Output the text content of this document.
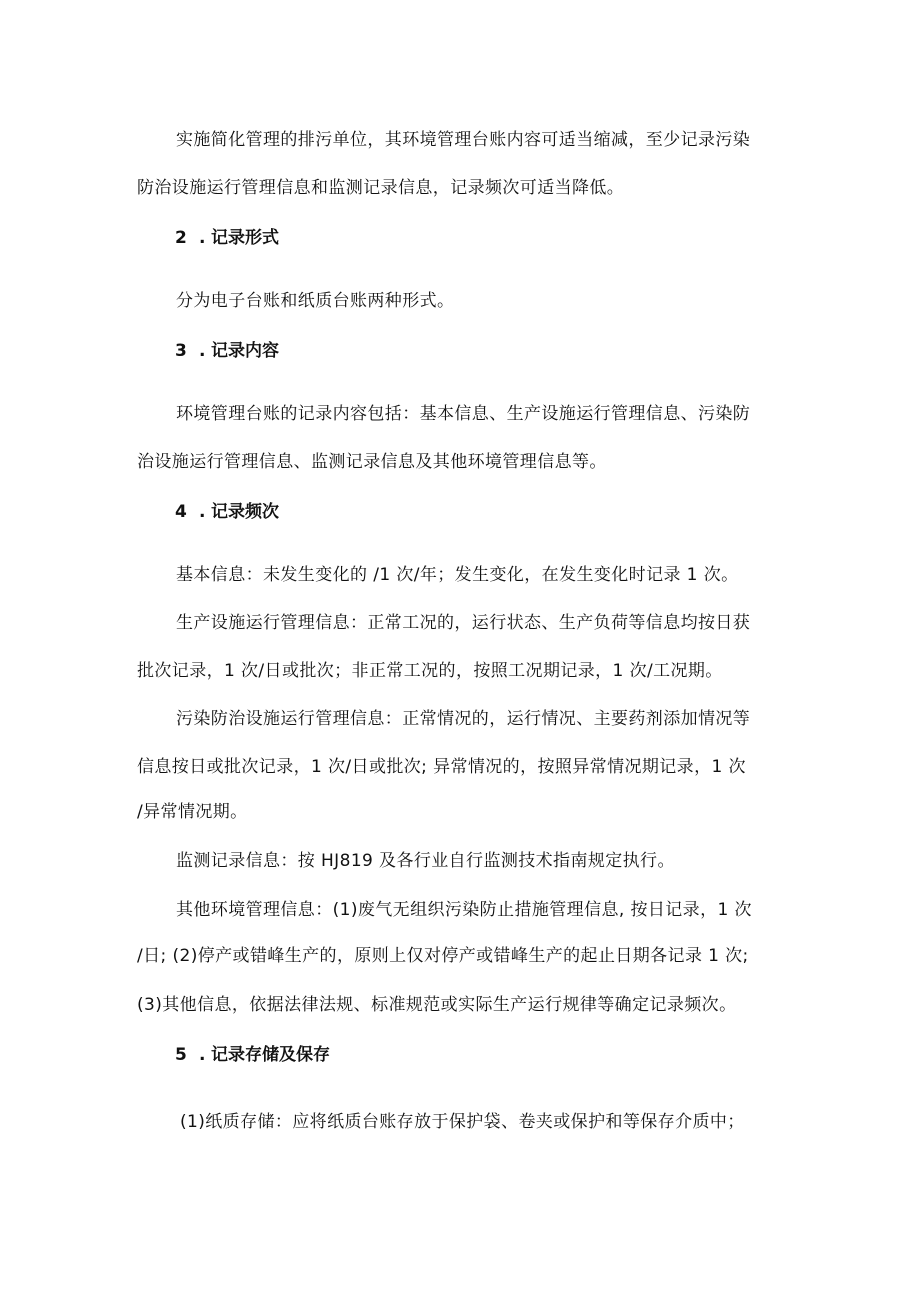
实施简化管理的排污单位，其环境管理台账内容可适当缩减，至少记录污染
防治设施运行管理信息和监测记录信息，记录频次可适当降低。
2 . 记录形式
分为电子台账和纸质台账两种形式。
3 . 记录内容
环境管理台账的记录内容包括：基本信息、生产设施运行管理信息、污染防
治设施运行管理信息、监测记录信息及其他环境管理信息等。
4 . 记录频次
基本信息：未发生变化的 /1 次/年；发生变化，在发生变化时记录 1 次。
生产设施运行管理信息：正常工况的，运行状态、生产负荷等信息均按日获
批次记录，1 次/日或批次；非正常工况的，按照工况期记录，1 次/工况期。
污染防治设施运行管理信息：正常情况的，运行情况、主要药剂添加情况等
信息按日或批次记录，1 次/日或批次; 异常情况的，按照异常情况期记录，1 次
/异常情况期。
监测记录信息：按 HJ819 及各行业自行监测技术指南规定执行。
其他环境管理信息：(1)废气无组织污染防止措施管理信息, 按日记录，1 次
/日; (2)停产或错峰生产的，原则上仅对停产或错峰生产的起止日期各记录 1 次;
(3)其他信息，依据法律法规、标准规范或实际生产运行规律等确定记录频次。
5 . 记录存储及保存
(1)纸质存储：应将纸质台账存放于保护袋、卷夹或保护和等保存介质中；
